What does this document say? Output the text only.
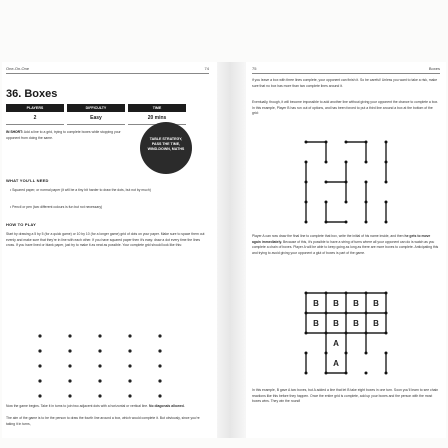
One-On-One	74
36. Boxes
PLAYERS	DIFFICULTY	TIME
2	Easy	20 mins
IN SHORT: Add a line to a grid, trying to complete boxes while stopping your opponent from doing the same.	TABLE STRATEGY, PASS THE TIME, WIND-DOWN, MATHS
WHAT YOU'LL NEED
• Squared paper, or normal paper (it will be a tiny bit harder to draw the dots, but not by much)
• Pencil or pen (two different colours is fun but not necessary)
HOW TO PLAY
Start by drawing a 5 by 5 (for a quick game) or 10 by 10 (for a longer game) grid of dots on your paper. Make sure to space them out evenly and make sure that they're in line with each other. If you have squared paper then it's easy: draw a dot every time the lines cross. If you have lined or blank paper, just try to make it as neat as possible. Your complete grid should look like this:
Now the game begins. Take it in turns to join two adjacent dots with a horizontal or vertical line. No diagonals allowed.
The aim of the game is to be the person to draw the fourth line around a box, which would complete it. But obviously, since you're taking it in turns,
75	Boxes
if you leave a box with three lines complete, your opponent can finish it. So be careful! Unless you want to take a risk, make sure that no box has more than two complete lines around it.
Eventually, though, it will become impossible to add another line without giving your opponent the chance to complete a box. In this example, Player B has run out of options, and has been forced to put a third line around a box at the bottom of the grid:
Player A can now draw the final line to complete that box, write the initial of his name inside, and then he gets to move again immediately. Because of this, it's possible to have a string of turns where all your opponent can do is watch as you complete a chain of boxes. Player A will be able to keep going as long as there are more boxes to complete. Anticipating this and trying to avoid giving your opponent a glut of boxes is part of the game.
B B B B
B B B B
A
A
In this example, B gave A two boxes, but A added a line that let B take eight boxes in one turn. Soon you'll learn to see chain reactions like this before they happen. Once the entire grid is complete, add up your boxes and the person with the most boxes wins. They win the round!
